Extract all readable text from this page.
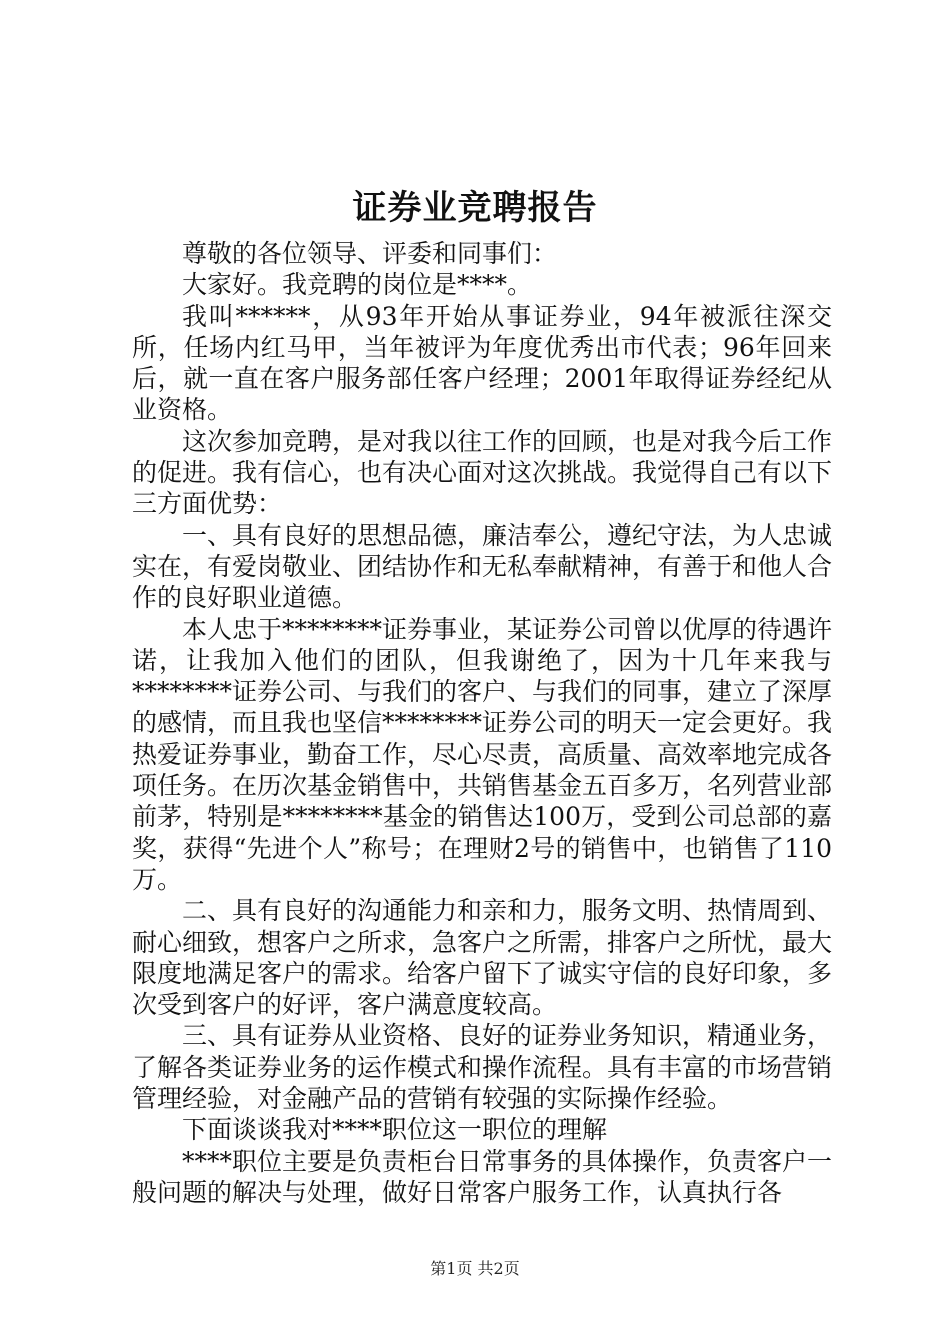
证券业竞聘报告

尊敬的各位领导、评委和同事们：

大家好。我竞聘的岗位是****。

我叫******，从93年开始从事证券业，94年被派往深交所，任场内红马甲，当年被评为年度优秀出市代表；96年回来后，就一直在客户服务部任客户经理；2001年取得证券经纪从业资格。

这次参加竞聘，是对我以往工作的回顾，也是对我今后工作的促进。我有信心，也有决心面对这次挑战。我觉得自己有以下三方面优势：

一、具有良好的思想品德，廉洁奉公，遵纪守法，为人忠诚实在，有爱岗敬业、团结协作和无私奉献精神，有善于和他人合作的良好职业道德。

本人忠于********证券事业，某证券公司曾以优厚的待遇许诺，让我加入他们的团队，但我谢绝了，因为十几年来我与********证券公司、与我们的客户、与我们的同事，建立了深厚的感情，而且我也坚信********证券公司的明天一定会更好。我热爱证券事业，勤奋工作，尽心尽责，高质量、高效率地完成各项任务。在历次基金销售中，共销售基金五百多万，名列营业部前茅，特别是********基金的销售达100万，受到公司总部的嘉奖，获得“先进个人”称号；在理财2号的销售中，也销售了110万。

二、具有良好的沟通能力和亲和力，服务文明、热情周到、耐心细致，想客户之所求，急客户之所需，排客户之所忧，最大限度地满足客户的需求。给客户留下了诚实守信的良好印象，多次受到客户的好评，客户满意度较高。

三、具有证券从业资格、良好的证券业务知识，精通业务，了解各类证券业务的运作模式和操作流程。具有丰富的市场营销管理经验，对金融产品的营销有较强的实际操作经验。

下面谈谈我对****职位这一职位的理解

****职位主要是负责柜台日常事务的具体操作，负责客户一般问题的解决与处理，做好日常客户服务工作，认真执行各

第1页 共2页
